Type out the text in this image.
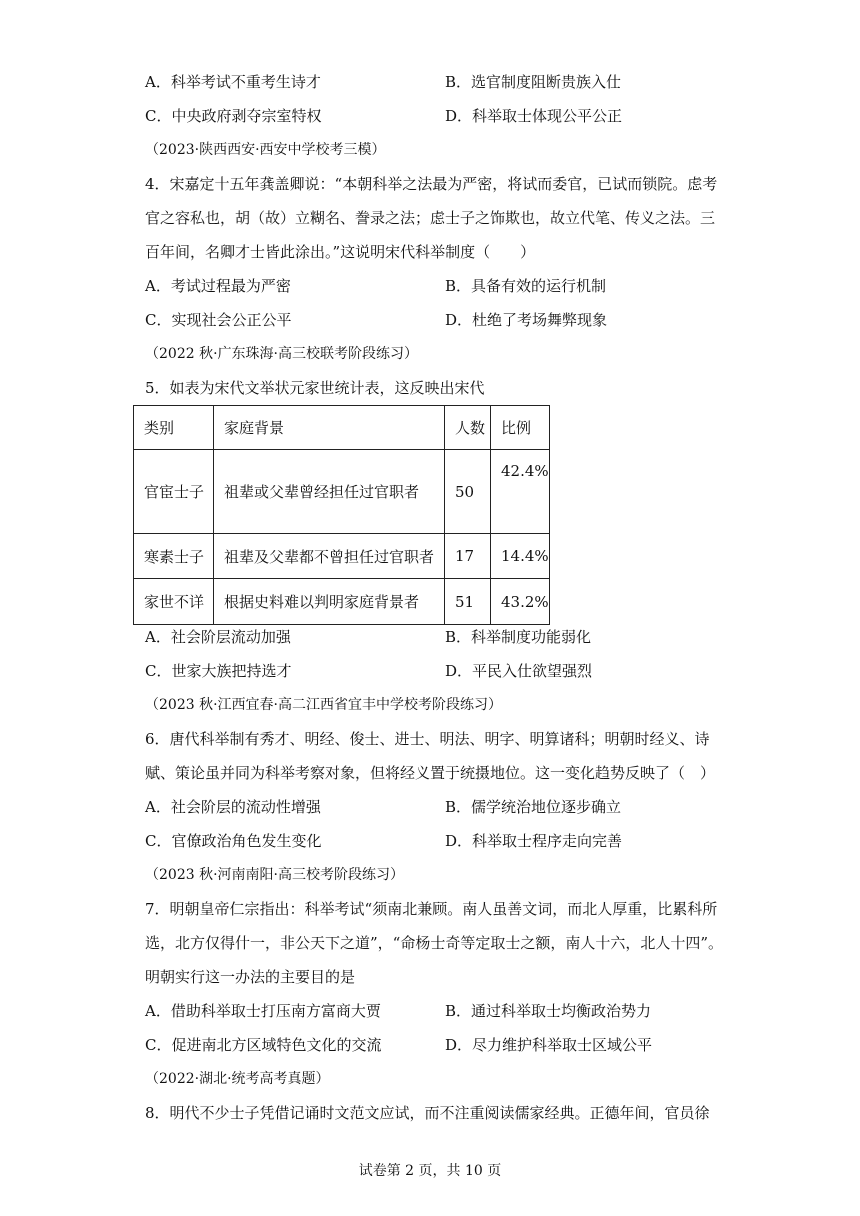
A．科举考试不重考生诗才	B．选官制度阻断贵族入仕
C．中央政府剥夺宗室特权	D．科举取士体现公平公正
（2023·陕西西安·西安中学校考三模）
4．宋嘉定十五年龚盖卿说：“本朝科举之法最为严密，将试而委官，已试而锁院。虑考
官之容私也，胡（故）立糊名、誊录之法；虑士子之饰欺也，故立代笔、传义之法。三
百年间，名卿才士皆此涂出。”这说明宋代科举制度（　　）
A．考试过程最为严密	B．具备有效的运行机制
C．实现社会公正公平	D．杜绝了考场舞弊现象
（2022 秋·广东珠海·高三校联考阶段练习）
5．如表为宋代文举状元家世统计表，这反映出宋代
类别	家庭背景	人数	比例
官宦士子	祖辈或父辈曾经担任过官职者	50	42.4%
寒素士子	祖辈及父辈都不曾担任过官职者	17	14.4%
家世不详	根据史料难以判明家庭背景者	51	43.2%
A．社会阶层流动加强	B．科举制度功能弱化
C．世家大族把持选才	D．平民入仕欲望强烈
（2023 秋·江西宜春·高二江西省宜丰中学校考阶段练习）
6．唐代科举制有秀才、明经、俊士、进士、明法、明字、明算诸科；明朝时经义、诗
赋、策论虽并同为科举考察对象，但将经义置于统摄地位。这一变化趋势反映了（　）
A．社会阶层的流动性增强	B．儒学统治地位逐步确立
C．官僚政治角色发生变化	D．科举取士程序走向完善
（2023 秋·河南南阳·高三校考阶段练习）
7．明朝皇帝仁宗指出：科举考试“须南北兼顾。南人虽善文词，而北人厚重，比累科所
选，北方仅得什一，非公天下之道”，“命杨士奇等定取士之额，南人十六，北人十四”。
明朝实行这一办法的主要目的是
A．借助科举取士打压南方富商大贾	B．通过科举取士均衡政治势力
C．促进南北方区域特色文化的交流	D．尽力维护科举取士区域公平
（2022·湖北·统考高考真题）
8．明代不少士子凭借记诵时文范文应试，而不注重阅读儒家经典。正德年间，官员徐
试卷第 2 页，共 10 页
